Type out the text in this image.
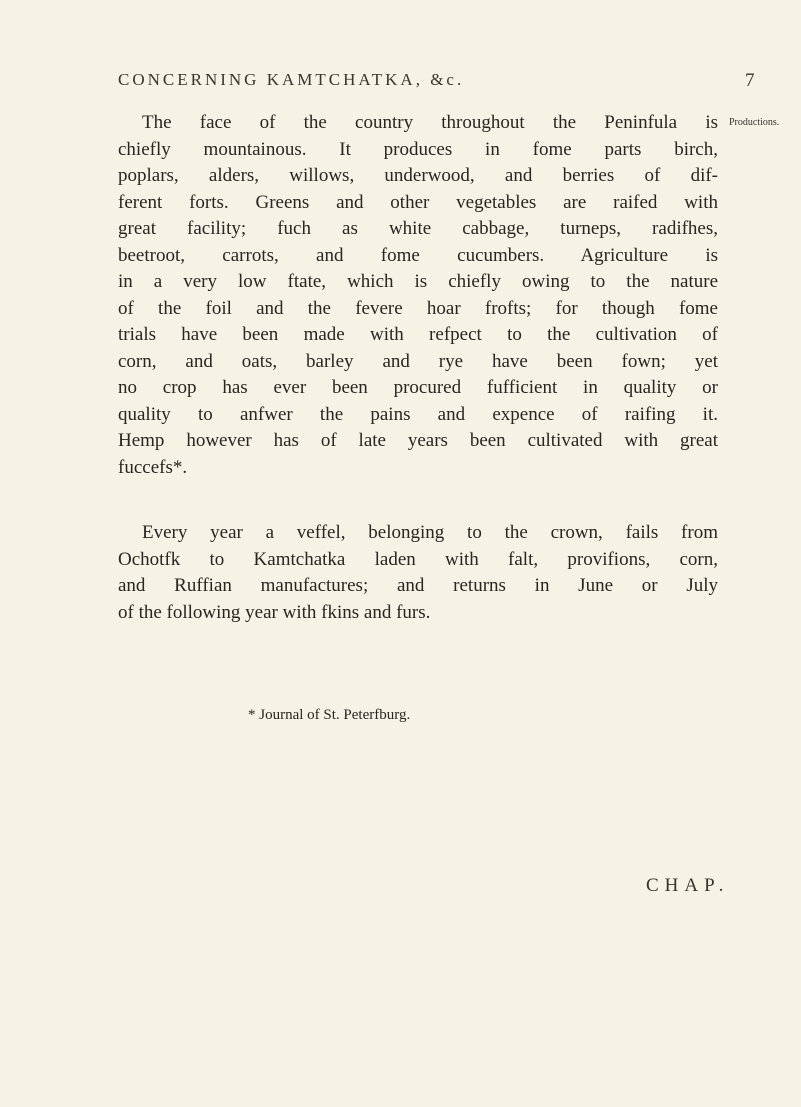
CONCERNING KAMTCHATKA, &c.	7
Productions.
The face of the country throughout the Peninfula is
chiefly mountainous. It produces in fome parts birch,
poplars, alders, willows, underwood, and berries of dif-
ferent forts. Greens and other vegetables are raifed with
great facility; fuch as white cabbage, turneps, radifhes,
beetroot, carrots, and fome cucumbers. Agriculture is
in a very low ftate, which is chiefly owing to the nature
of the foil and the fevere hoar frofts; for though fome
trials have been made with refpect to the cultivation of
corn, and oats, barley and rye have been fown; yet
no crop has ever been procured fufficient in quality or
quality to anfwer the pains and expence of raifing it.
Hemp however has of late years been cultivated with great
fuccefs*.
Every year a veffel, belonging to the crown, fails from
Ochotfk to Kamtchatka laden with falt, provifions, corn,
and Ruffian manufactures; and returns in June or July
of the following year with fkins and furs.
* Journal of St. Peterfburg.
CHAP.
